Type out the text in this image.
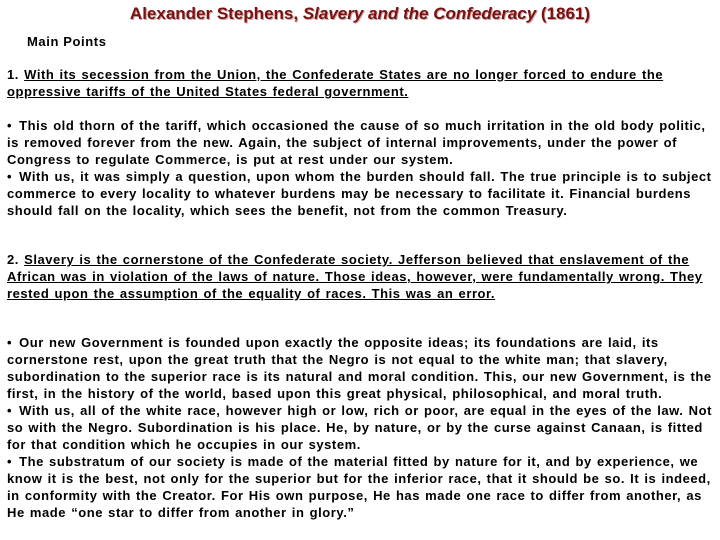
Alexander Stephens, Slavery and the Confederacy (1861)
Main Points
1. With its secession from the Union, the Confederate States are no longer forced to endure the oppressive tariffs of the United States federal government.
• This old thorn of the tariff, which occasioned the cause of so much irritation in the old body politic, is removed forever from the new. Again, the subject of internal improvements, under the power of Congress to regulate Commerce, is put at rest under our system.
• With us, it was simply a question, upon whom the burden should fall. The true principle is to subject commerce to every locality to whatever burdens may be necessary to facilitate it. Financial burdens should fall on the locality, which sees the benefit, not from the common Treasury.
2. Slavery is the cornerstone of the Confederate society. Jefferson believed that enslavement of the African was in violation of the laws of nature. Those ideas, however, were fundamentally wrong. They rested upon the assumption of the equality of races. This was an error.
• Our new Government is founded upon exactly the opposite ideas; its foundations are laid, its cornerstone rest, upon the great truth that the Negro is not equal to the white man; that slavery, subordination to the superior race is its natural and moral condition. This, our new Government, is the first, in the history of the world, based upon this great physical, philosophical, and moral truth.
• With us, all of the white race, however high or low, rich or poor, are equal in the eyes of the law. Not so with the Negro. Subordination is his place. He, by nature, or by the curse against Canaan, is fitted for that condition which he occupies in our system.
• The substratum of our society is made of the material fitted by nature for it, and by experience, we know it is the best, not only for the superior but for the inferior race, that it should be so. It is indeed, in conformity with the Creator. For His own purpose, He has made one race to differ from another, as He made “one star to differ from another in glory.”
